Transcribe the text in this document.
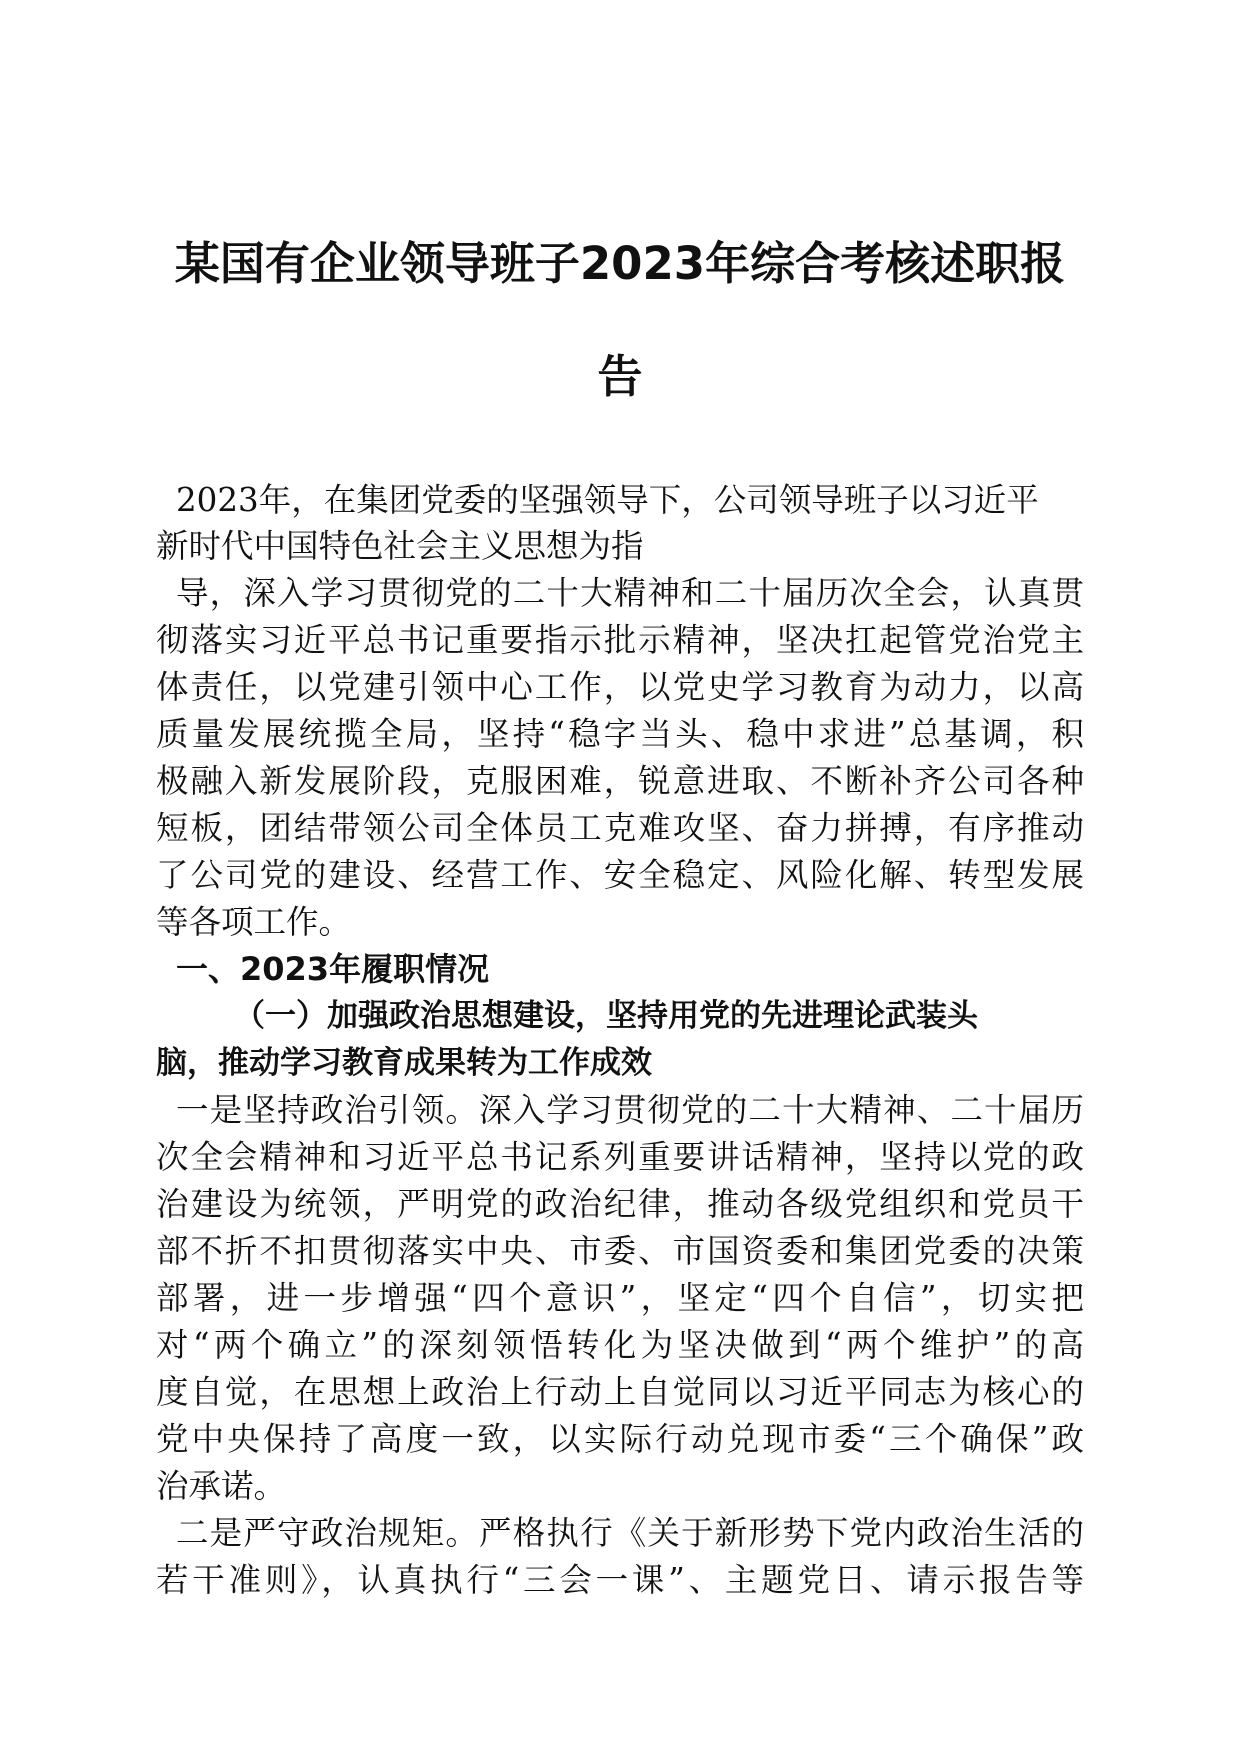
某国有企业领导班子2023年综合考核述职报
告

2023年，在集团党委的坚强领导下，公司领导班子以习近平

新时代中国特色社会主义思想为指

导，深入学习贯彻党的二十大精神和二十届历次全会，认真贯

彻落实习近平总书记重要指示批示精神，坚决扛起管党治党主

体责任，以党建引领中心工作，以党史学习教育为动力，以高

质量发展统揽全局，坚持“稳字当头、稳中求进”总基调，积

极融入新发展阶段，克服困难，锐意进取、不断补齐公司各种

短板，团结带领公司全体员工克难攻坚、奋力拼搏，有序推动

了公司党的建设、经营工作、安全稳定、风险化解、转型发展

等各项工作。

一、2023年履职情况
（一）加强政治思想建设，坚持用党的先进理论武装头
脑，推动学习教育成果转为工作成效

一是坚持政治引领。深入学习贯彻党的二十大精神、二十届历

次全会精神和习近平总书记系列重要讲话精神，坚持以党的政

治建设为统领，严明党的政治纪律，推动各级党组织和党员干

部不折不扣贯彻落实中央、市委、市国资委和集团党委的决策

部署，进一步增强“四个意识”，坚定“四个自信”，切实把

对“两个确立”的深刻领悟转化为坚决做到“两个维护”的高

度自觉，在思想上政治上行动上自觉同以习近平同志为核心的

党中央保持了高度一致，以实际行动兑现市委“三个确保”政

治承诺。

二是严守政治规矩。严格执行《关于新形势下党内政治生活的

若干准则》，认真执行“三会一课”、主题党日、请示报告等
